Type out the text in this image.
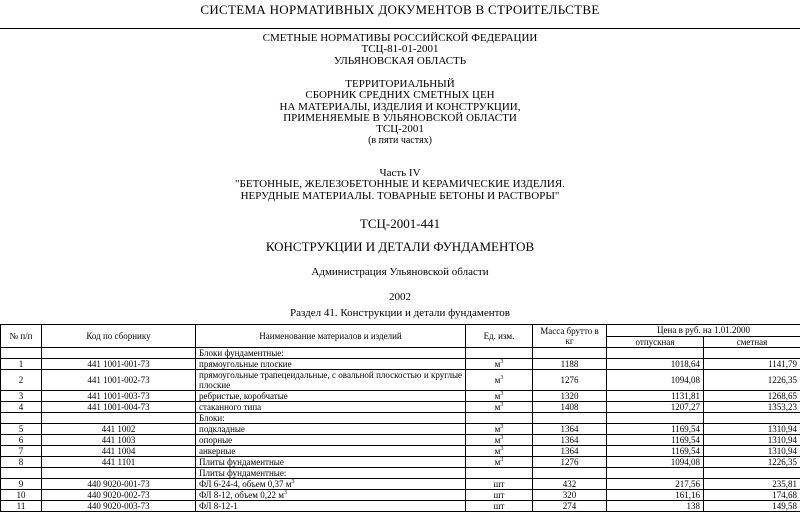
СИСТЕМА НОРМАТИВНЫХ ДОКУМЕНТОВ В СТРОИТЕЛЬСТВЕ
СМЕТНЫЕ НОРМАТИВЫ РОССИЙСКОЙ ФЕДЕРАЦИИ
ТСЦ-81-01-2001
УЛЬЯНОВСКАЯ ОБЛАСТЬ
ТЕРРИТОРИАЛЬНЫЙ
СБОРНИК СРЕДНИХ СМЕТНЫХ ЦЕН
НА МАТЕРИАЛЫ, ИЗДЕЛИЯ И КОНСТРУКЦИИ,
ПРИМЕНЯЕМЫЕ В УЛЬЯНОВСКОЙ ОБЛАСТИ
ТСЦ-2001
(в пяти частях)
Часть IV
"БЕТОННЫЕ, ЖЕЛЕЗОБЕТОННЫЕ И КЕРАМИЧЕСКИЕ ИЗДЕЛИЯ.
НЕРУДНЫЕ МАТЕРИАЛЫ. ТОВАРНЫЕ БЕТОНЫ И РАСТВОРЫ"
ТСЦ-2001-441
КОНСТРУКЦИИ И ДЕТАЛИ ФУНДАМЕНТОВ
Администрация Ульяновской области
2002
Раздел 41. Конструкции и детали фундаментов
№ п/п	Код по сборнику	Наименование материалов и изделий	Ед. изм.	Масса брутто в кг	Цена в руб. на 1.01.2000	
					отпускная	сметная
		Блоки фундаментные:				
1	441 1001-001-73	прямоугольные плоские	$м^3$	1188	1018,64	1141,79
2	441 1001-002-73	прямоугольные трапецеидальные, с овальной плоскостью и круглые плоские	$м^3$	1276	1094,08	1226,35
3	441 1001-003-73	ребристые, коробчатые	$м^3$	1320	1131,81	1268,65
4	441 1001-004-73	стаканного типа	$м^3$	1408	1207,27	1353,23
		Блоки:				
5	441 1002	подкладные	$м^3$	1364	1169,54	1310,94
6	441 1003	опорные	$м^3$	1364	1169,54	1310,94
7	441 1004	анкерные	$м^3$	1364	1169,54	1310,94
8	441 1101	Плиты фундаментные	$м^3$	1276	1094,08	1226,35
		Плиты фундаментные:				
9	440 9020-001-73	ФЛ 6-24-4, объем 0,37 $м^3$	шт	432	217,56	235,81
10	440 9020-002-73	ФЛ 8-12, объем 0,22 $м^3$	шт	320	161,16	174,68
11	440 9020-003-73	ФЛ 8-12-1	шт	274	138	149,58
